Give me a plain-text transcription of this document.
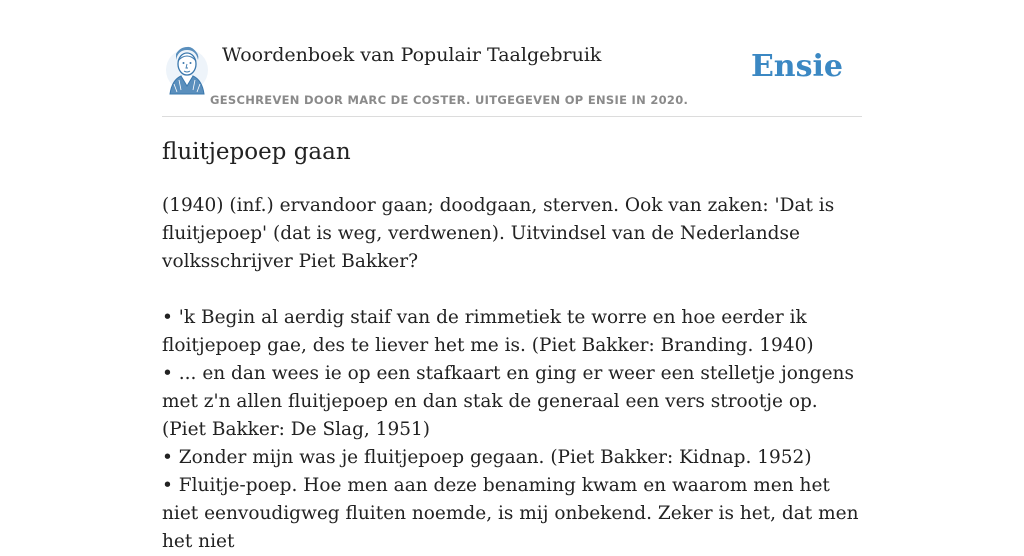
Woordenboek van Populair Taalgebruik
GESCHREVEN DOOR MARC DE COSTER. UITGEGEVEN OP ENSIE IN 2020.
Ensie
fluitjepoep gaan

(1940) (inf.) ervandoor gaan; doodgaan, sterven. Ook van zaken: 'Dat is fluitjepoep' (dat is weg, verdwenen). Uitvindsel van de Nederlandse volksschrijver Piet Bakker?

• 'k Begin al aerdig staif van de rimmetiek te worre en hoe eerder ik floitjepoep gae, des te liever het me is. (Piet Bakker: Branding. 1940)

• ... en dan wees ie op een stafkaart en ging er weer een stelletje jongens met z'n allen fluitjepoep en dan stak de generaal een vers strootje op. (Piet Bakker: De Slag, 1951)

• Zonder mijn was je fluitjepoep gegaan. (Piet Bakker: Kidnap. 1952)

• Fluitje-poep. Hoe men aan deze benaming kwam en waarom men het niet eenvoudigweg fluiten noemde, is mij onbekend. Zeker is het, dat men het niet
